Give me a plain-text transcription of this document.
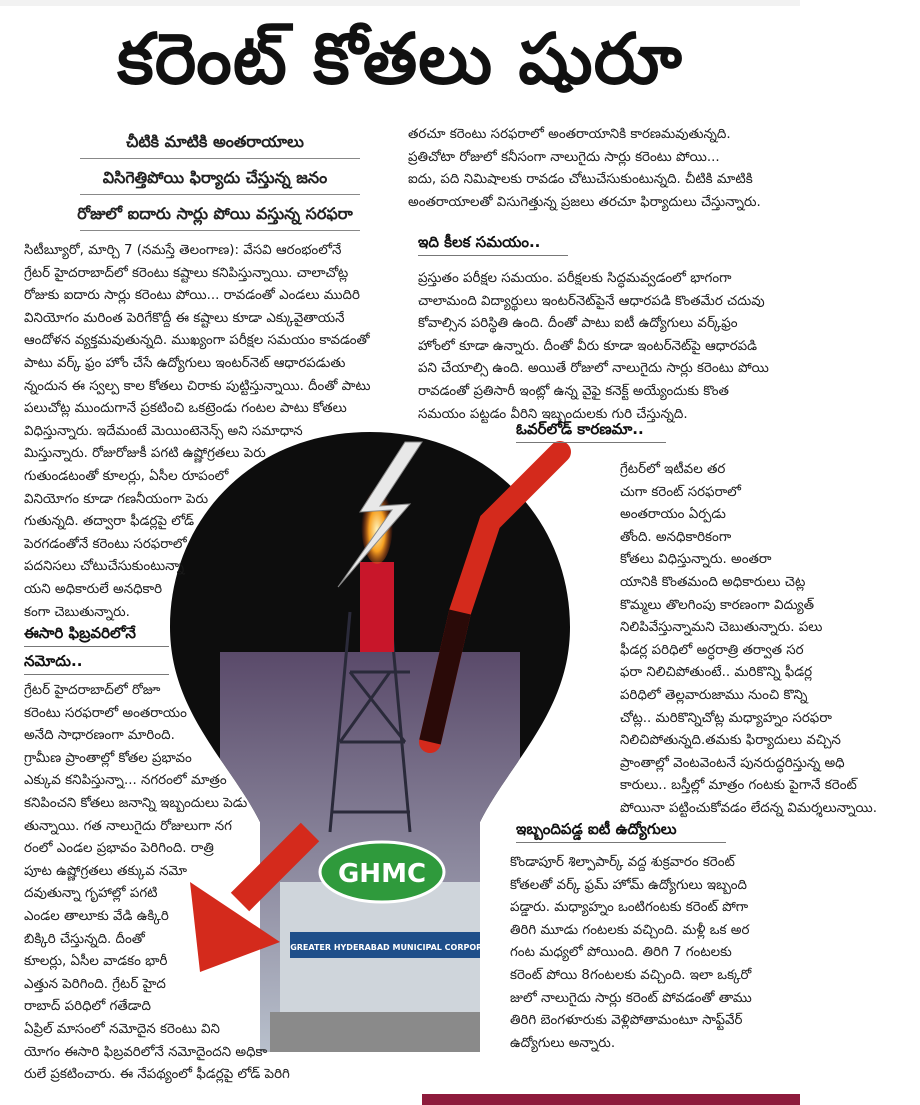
కరెంట్ కోతలు షురూ
చీటికి మాటికి అంతరాయాలు
విసిగెత్తిపోయి ఫిర్యాదు చేస్తున్న జనం
రోజులో ఐదారు సార్లు పోయి వస్తున్న సరఫరా
GHMC
GREATER HYDERABAD MUNICIPAL CORPORATION
సిటీబ్యూరో, మార్చి 7 (నమస్తే తెలంగాణ): వేసవి ఆరంభంలోనే
గ్రేటర్ హైదరాబాద్‌లో కరెంటు కష్టాలు కనిపిస్తున్నాయి. చాలాచోట్ల
రోజుకు ఐదారు సార్లు కరెంటు పోయి... రావడంతో ఎండలు ముదిరి
వినియోగం మరింత పెరిగేకొద్దీ ఈ కష్టాలు కూడా ఎక్కువైతాయనే
ఆందోళన వ్యక్తమవుతున్నది. ముఖ్యంగా పరీక్షల సమయం కావడంతో
పాటు వర్క్ ఫ్రం హోం చేసే ఉద్యోగులు ఇంటర్‌నెట్ ఆధారపడుతు
న్నందున ఈ స్వల్ప కాల కోతలు చిరాకు పుట్టిస్తున్నాయి. దీంతో పాటు
పలుచోట్ల ముందుగానే ప్రకటించి ఒకట్రెండు గంటల పాటు కోతలు
విధిస్తున్నారు. ఇదేమంటే మెయింటెనెన్స్ అని సమాధాన
మిస్తున్నారు. రోజురోజుకీ పగటి ఉష్ణోగ్రతలు పెరు
గుతుండటంతో కూలర్లు, ఏసీల రూపంలో
వినియోగం కూడా గణనీయంగా పెరు
గుతున్నది. తద్వారా ఫీడర్లపై లోడ్
పెరగడంతోనే కరెంటు సరఫరాలో
పదనిసలు చోటుచేసుకుంటున్నా
యని అధికారులే అనధికారి
కంగా చెబుతున్నారు.
ఈసారి ఫిబ్రవరిలోనే
నమోదు..
గ్రేటర్ హైదరాబాద్‌లో రోజూ
కరెంటు సరఫరాలో అంతరాయం
అనేది సాధారణంగా మారింది.
గ్రామీణ ప్రాంతాల్లో కోతల ప్రభావం
ఎక్కువ కనిపిస్తున్నా... నగరంలో మాత్రం
కనిపించని కోతలు జనాన్ని ఇబ్బందులు పెడు
తున్నాయి. గత నాలుగైదు రోజులుగా నగ
రంలో ఎండల ప్రభావం పెరిగింది. రాత్రి
పూట ఉష్ణోగ్రతలు తక్కువ నమో
దవుతున్నా గృహాల్లో పగటి
ఎండల తాలూకు వేడి ఉక్కిరి
బిక్కిరి చేస్తున్నది. దీంతో
కూలర్లు, ఏసీల వాడకం భారీ
ఎత్తున పెరిగింది. గ్రేటర్ హైద
రాబాద్ పరిధిలో గతేడాది
ఏప్రిల్ మాసంలో నమోదైన కరెంటు విని
యోగం ఈసారి ఫిబ్రవరిలోనే నమోదైందని అధికా
రులే ప్రకటించారు. ఈ నేపథ్యంలో ఫీడర్లపై లోడ్ పెరిగి
తరచూ కరెంటు సరఫరాలో అంతరాయానికి కారణమవుతున్నది.
ప్రతిచోటా రోజులో కనీసంగా నాలుగైదు సార్లు కరెంటు పోయి...
ఐదు, పది నిమిషాలకు రావడం చోటుచేసుకుంటున్నది. చీటికి మాటికి
అంతరాయాలతో విసుగెత్తున్న ప్రజలు తరచూ ఫిర్యాదులు చేస్తున్నారు.
ఇది కీలక సమయం..
ప్రస్తుతం పరీక్షల సమయం. పరీక్షలకు సిద్ధమవ్వడంలో భాగంగా
చాలామంది విద్యార్థులు ఇంటర్‌నెట్‌పైనే ఆధారపడి కొంతమేర చదువు
కోవాల్సిన పరిస్థితి ఉంది. దీంతో పాటు ఐటీ ఉద్యోగులు వర్క్‌ఫ్రం
హోంలో కూడా ఉన్నారు. దీంతో వీరు కూడా ఇంటర్‌నెట్‌పై ఆధారపడి
పని చేయాల్సి ఉంది. అయితే రోజులో నాలుగైదు సార్లు కరెంటు పోయి
రావడంతో ప్రతిసారీ ఇంట్లో ఉన్న వైఫై కనెక్ట్ అయ్యేందుకు కొంత
సమయం పట్టడం వీరిని ఇబ్బందులకు గురి చేస్తున్నది.
ఓవర్‌లోడ్ కారణమా..
గ్రేటర్‌లో ఇటీవల తర
చుగా కరెంట్ సరఫరాలో
అంతరాయం ఏర్పడు
తోంది. అనధికారికంగా
కోతలు విధిస్తున్నారు. అంతరా
యానికి కొంతమంది అధికారులు చెట్ల
కొమ్మలు తొలగింపు కారణంగా విద్యుత్
నిలిపివేస్తున్నామని చెబుతున్నారు. పలు
ఫీడర్ల పరిధిలో అర్ధరాత్రి తర్వాత సర
ఫరా నిలిచిపోతుంటే.. మరికొన్ని ఫీడర్ల
పరిధిలో తెల్లవారుజాము నుంచి కొన్ని
చోట్ల.. మరికొన్నిచోట్ల మధ్యాహ్నం సరఫరా
నిలిచిపోతున్నది.తమకు ఫిర్యాదులు వచ్చిన
ప్రాంతాల్లో వెంటవెంటనే పునరుద్ధరిస్తున్న అధి
కారులు.. బస్తీల్లో మాత్రం గంటకు పైగానే కరెంట్
పోయినా పట్టించుకోవడం లేదన్న విమర్శలున్నాయి.
ఇబ్బందిపడ్డ ఐటీ ఉద్యోగులు
కొండాపూర్ శిల్పాపార్క్ వద్ద శుక్రవారం కరెంట్
కోతలతో వర్క్ ఫ్రమ్ హోమ్ ఉద్యోగులు ఇబ్బంది
పడ్డారు. మధ్యాహ్నం ఒంటిగంటకు కరెంట్ పోగా
తిరిగి మూడు గంటలకు వచ్చింది. మళ్లీ ఒక అర
గంట మధ్యలో పోయింది. తిరిగి 7 గంటలకు
కరెంట్ పోయి 8గంటలకు వచ్చింది. ఇలా ఒక్కరో
జులో నాలుగైదు సార్లు కరెంట్ పోవడంతో తాము
తిరిగి బెంగళూరుకు వెళ్లిపోతామంటూ సాఫ్ట్‌వేర్
ఉద్యోగులు అన్నారు.
